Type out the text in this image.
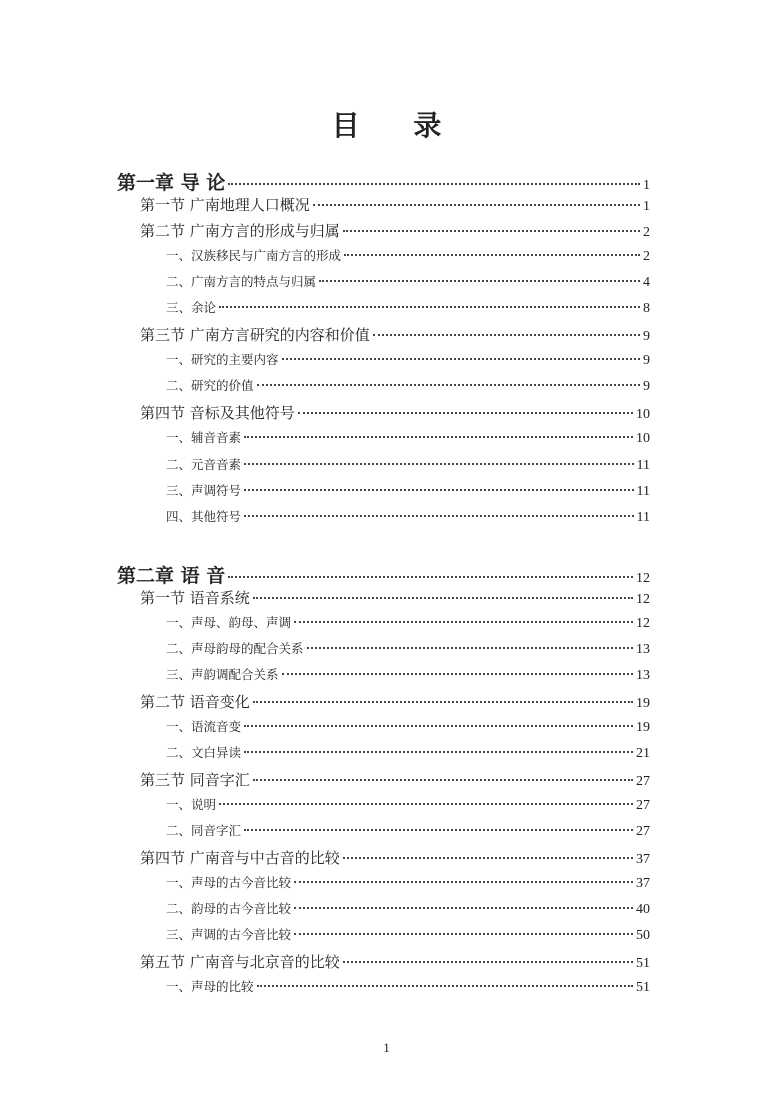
目 录
第一章 导 论	1
第一节 广南地理人口概况	1
第二节 广南方言的形成与归属	2
一、汉族移民与广南方言的形成	2
二、广南方言的特点与归属	4
三、余论	8
第三节 广南方言研究的内容和价值	9
一、研究的主要内容	9
二、研究的价值	9
第四节 音标及其他符号	10
一、辅音音素	10
二、元音音素	11
三、声调符号	11
四、其他符号	11
第二章 语 音	12
第一节 语音系统	12
一、声母、韵母、声调	12
二、声母韵母的配合关系	13
三、声韵调配合关系	13
第二节 语音变化	19
一、语流音变	19
二、文白异读	21
第三节 同音字汇	27
一、说明	27
二、同音字汇	27
第四节 广南音与中古音的比较	37
一、声母的古今音比较	37
二、韵母的古今音比较	40
三、声调的古今音比较	50
第五节 广南音与北京音的比较	51
一、声母的比较	51
1
